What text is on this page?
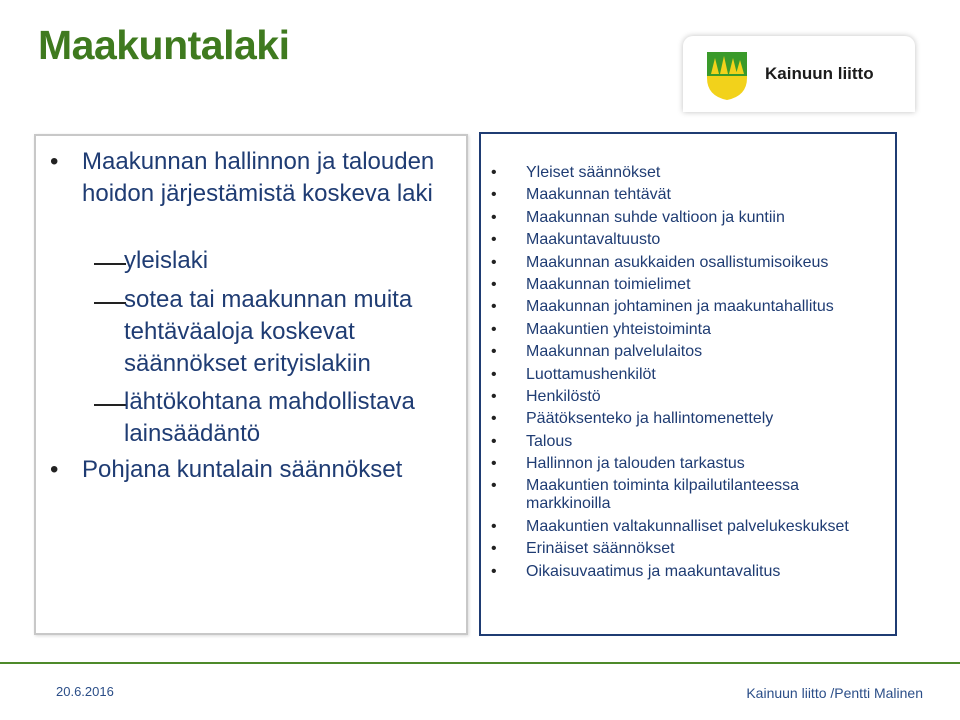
Maakuntalaki
Kainuun liitto
• Maakunnan hallinnon ja talouden hoidon järjestämistä koskeva laki
yleislaki
sotea tai maakunnan muita tehtäväaloja koskevat säännökset erityislakiin
lähtökohtana mahdollistava lainsäädäntö
• Pohjana kuntalain säännökset
• Yleiset säännökset
• Maakunnan tehtävät
• Maakunnan suhde valtioon ja kuntiin
• Maakuntavaltuusto
• Maakunnan asukkaiden osallistumisoikeus
• Maakunnan toimielimet
• Maakunnan johtaminen ja maakuntahallitus
• Maakuntien yhteistoiminta
• Maakunnan palvelulaitos
• Luottamushenkilöt
• Henkilöstö
• Päätöksenteko ja hallintomenettely
• Talous
• Hallinnon ja talouden tarkastus
• Maakuntien toiminta kilpailutilanteessa markkinoilla
• Maakuntien valtakunnalliset palvelukeskukset
• Erinäiset säännökset
• Oikaisuvaatimus ja maakuntavalitus
20.6.2016	Kainuun liitto /Pentti Malinen
